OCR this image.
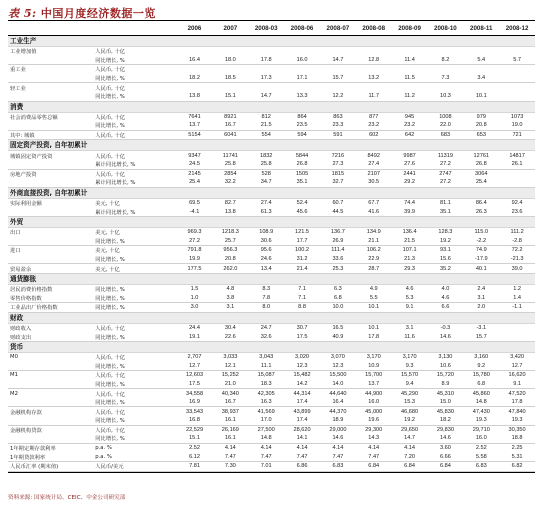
表 5: 中国月度经济数据一览
2006	2007	2008-03	2008-06	2008-07	2008-08	2008-09	2008-10	2008-11	2008-12
工业生产
工业增加值	人民币, 十亿
同比增长, %	16.4	18.0	17.8	16.0	14.7	12.8	11.4	8.2	5.4	5.7
重工业	人民币, 十亿
同比增长, %	18.2	18.5	17.3	17.1	15.7	13.2	11.5	7.3	3.4
轻工业	人民币, 十亿
同比增长, %	13.8	15.1	14.7	13.3	12.2	11.7	11.2	10.3	10.1
消费
社会消费品零售总额	人民币, 十亿	7641	8921	812	864	863	877	945	1008	979	1073
同比增长, %	13.7	16.7	21.5	23.5	23.3	23.2	23.2	22.0	20.8	19.0
其中: 城镇	人民币, 十亿	5154	6041	554	594	591	602	642	683	653	721
固定资产投资, 自年初累计
城镇固定资产投资	人民币, 十亿	9347	11741	1832	5844	7216	8492	9987	11319	12761	14817
累计同比增长, %	24.5	25.8	25.8	26.8	27.3	27.4	27.6	27.2	26.8	26.1
房地产投资	人民币, 十亿	2145	2854	528	1505	1815	2107	2441	2747	3064
累计同比增长, %	25.4	32.2	34.7	35.1	32.7	30.5	29.2	27.2	25.4
外商直接投资, 自年初累计
实际利用金额	美元, 十亿	69.5	82.7	27.4	52.4	60.7	67.7	74.4	81.1	86.4	92.4
累计同比增长, %	-4.1	13.8	61.3	45.6	44.5	41.6	39.9	35.1	26.3	23.6
外贸
出口	美元, 十亿	969.3	1218.3	108.9	121.5	136.7	134.9	136.4	128.3	115.0	111.2
同比增长, %	27.2	25.7	30.6	17.7	26.9	21.1	21.5	19.2	-2.2	-2.8
进口	美元, 十亿	791.8	956.3	95.6	100.2	111.4	106.2	107.1	93.1	74.9	72.2
同比增长, %	19.9	20.8	24.6	31.2	33.6	22.9	21.3	15.6	-17.9	-21.3
贸易盈余	美元, 十亿	177.5	262.0	13.4	21.4	25.3	28.7	29.3	35.2	40.1	39.0
通货膨胀
居民消费价格指数	同比增长, %	1.5	4.8	8.3	7.1	6.3	4.9	4.6	4.0	2.4	1.2
零售价格指数	同比增长, %	1.0	3.8	7.8	7.1	6.8	5.5	5.3	4.6	3.1	1.4
工业品出厂价格指数	同比增长, %	3.0	3.1	8.0	8.8	10.0	10.1	9.1	6.6	2.0	-1.1
财政
财政收入	人民币, 十亿	24.4	30.4	24.7	30.7	16.5	10.1	3.1	-0.3	-3.1
财政支出	同比增长, %	19.1	22.6	32.6	17.5	40.9	17.8	11.6	14.6	15.7
货币
M0	人民币, 十亿	2,707	3,033	3,043	3,020	3,070	3,170	3,170	3,130	3,160	3,420
同比增长, %	12.7	12.1	11.1	12.3	12.3	10.9	9.3	10.6	9.2	12.7
M1	人民币, 十亿	12,603	15,252	15,087	15,482	15,500	15,700	15,570	15,720	15,780	16,620
同比增长, %	17.5	21.0	18.3	14.2	14.0	13.7	9.4	8.9	6.8	9.1
M2	人民币, 十亿	34,558	40,340	42,305	44,314	44,640	44,900	45,290	45,310	45,860	47,520
同比增长, %	16.9	16.7	16.3	17.4	16.4	16.0	15.3	15.0	14.8	17.8
金融机构存款	人民币, 十亿	33,543	38,937	41,569	43,899	44,370	45,000	46,680	45,830	47,430	47,840
同比增长, %	16.8	16.1	17.0	17.4	18.9	19.6	19.2	18.2	19.3	19.3
金融机构贷款	人民币, 十亿	22,529	26,169	27,500	28,620	29,000	29,300	29,650	29,830	29,710	30,350
同比增长, %	15.1	16.1	14.8	14.1	14.6	14.3	14.7	14.6	16.0	18.8
1年期定期存款利率	p.a. %	2.52	4.14	4.14	4.14	4.14	4.14	4.14	3.60	2.52	2.25
1年期贷款利率	p.a. %	6.12	7.47	7.47	7.47	7.47	7.47	7.20	6.66	5.58	5.31
人民币汇率 (期末值)	人民币/美元	7.81	7.30	7.01	6.86	6.83	6.84	6.84	6.84	6.83	6.82
资料来源: 国家统计局、CEIC、中金公司研究部
